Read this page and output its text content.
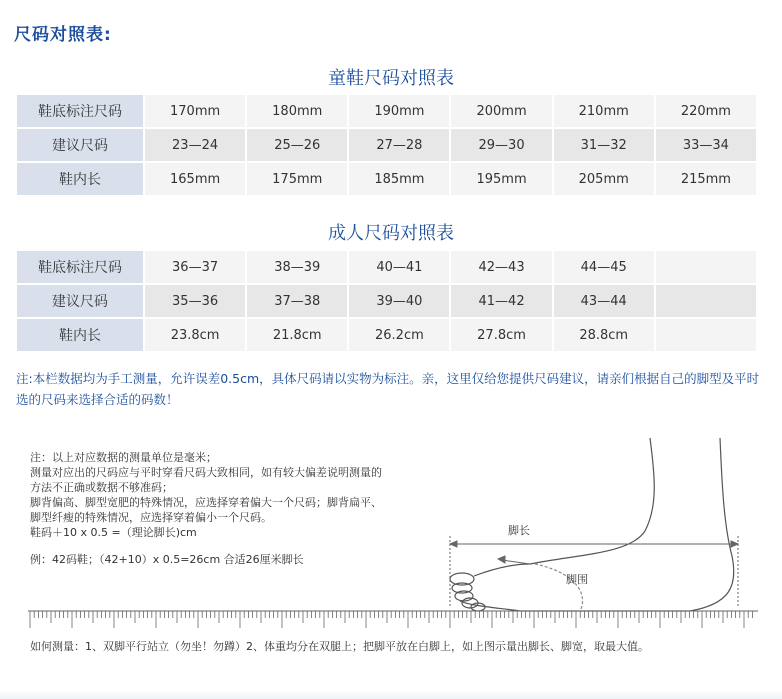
尺码对照表:
童鞋尺码对照表
鞋底标注尺码	170mm	180mm	190mm	200mm	210mm	220mm
建议尺码	23—24	25—26	27—28	29—30	31—32	33—34
鞋内长	165mm	175mm	185mm	195mm	205mm	215mm
成人尺码对照表
鞋底标注尺码	36—37	38—39	40—41	42—43	44—45	
建议尺码	35—36	37—38	39—40	41—42	43—44	
鞋内长	23.8cm	21.8cm	26.2cm	27.8cm	28.8cm	
注:本栏数据均为手工测量，允许误差0.5cm，具体尺码请以实物为标注。亲，这里仅给您提供尺码建议，请亲们根据自己的脚型及平时选的尺码来选择合适的码数！

注：以上对应数据的测量单位是毫米；

测量对应出的尺码应与平时穿看尺码大致相同，如有较大偏差说明测量的

方法不正确或数据不够准码；

脚背偏高、脚型宽肥的特殊情况，应选择穿着偏大一个尺码；脚背扁平、

脚型纤瘦的特殊情况，应选择穿着偏小一个尺码。

鞋码＋10 x 0.5 =（理论脚长)cm

例：42码鞋；（42+10）x 0.5=26cm 合适26厘米脚长

脚长
脚围
如何测量：1、双脚平行站立（勿坐！勿蹲）2、体重均分在双腿上；把脚平放在白脚上，如上图示量出脚长、脚宽，取最大值。
